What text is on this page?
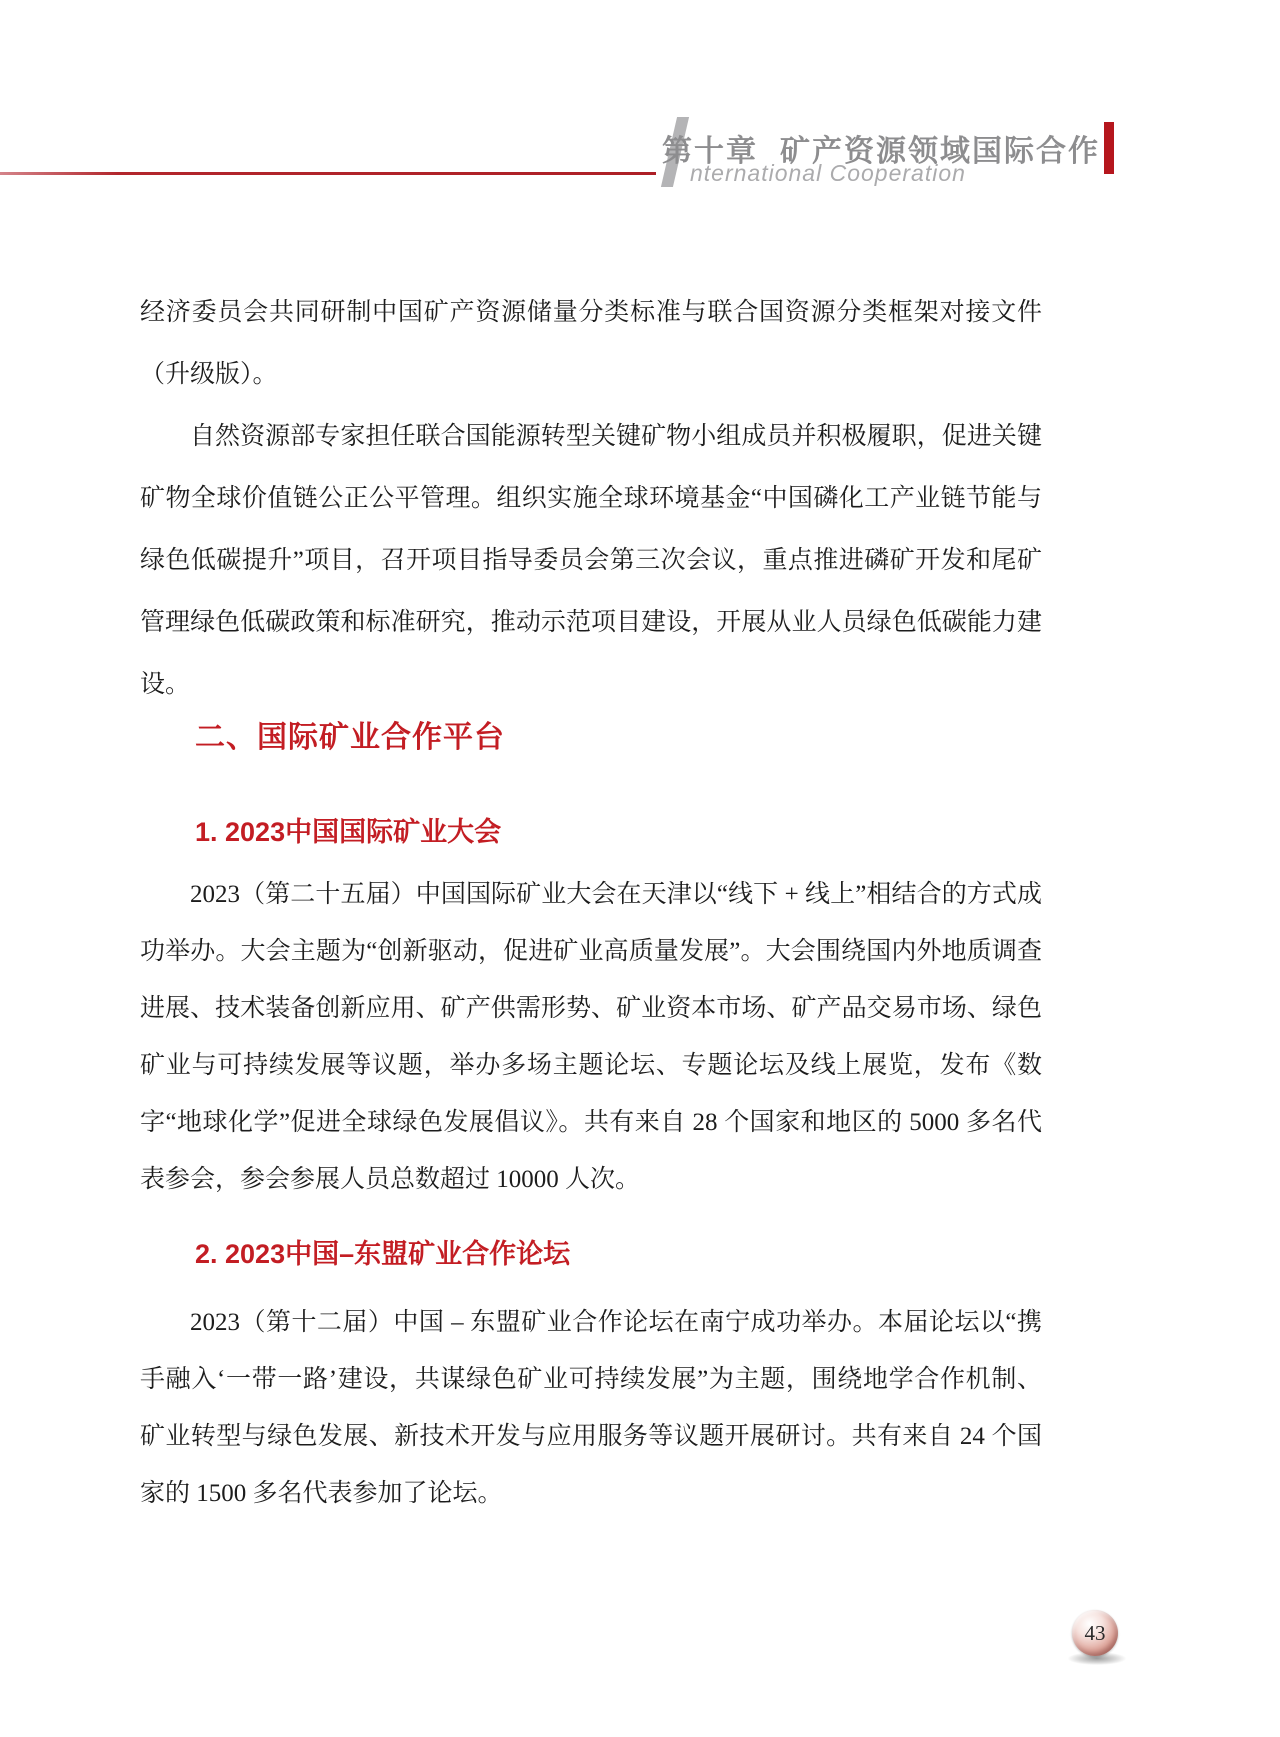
第十章 矿产资源领域国际合作
nternational Cooperation
经济委员会共同研制中国矿产资源储量分类标准与联合国资源分类框架对接文件（升级版）。
自然资源部专家担任联合国能源转型关键矿物小组成员并积极履职，促进关键矿物全球价值链公正公平管理。组织实施全球环境基金“中国磷化工产业链节能与绿色低碳提升”项目，召开项目指导委员会第三次会议，重点推进磷矿开发和尾矿管理绿色低碳政策和标准研究，推动示范项目建设，开展从业人员绿色低碳能力建设。
二、国际矿业合作平台
1. 2023中国国际矿业大会
2023（第二十五届）中国国际矿业大会在天津以“线下 + 线上”相结合的方式成功举办。大会主题为“创新驱动，促进矿业高质量发展”。大会围绕国内外地质调查进展、技术装备创新应用、矿产供需形势、矿业资本市场、矿产品交易市场、绿色矿业与可持续发展等议题，举办多场主题论坛、专题论坛及线上展览，发布《数字“地球化学”促进全球绿色发展倡议》。共有来自 28 个国家和地区的 5000 多名代表参会，参会参展人员总数超过 10000 人次。
2. 2023中国–东盟矿业合作论坛
2023（第十二届）中国 – 东盟矿业合作论坛在南宁成功举办。本届论坛以“携手融入‘一带一路’建设，共谋绿色矿业可持续发展”为主题，围绕地学合作机制、矿业转型与绿色发展、新技术开发与应用服务等议题开展研讨。共有来自 24 个国家的 1500 多名代表参加了论坛。
43
